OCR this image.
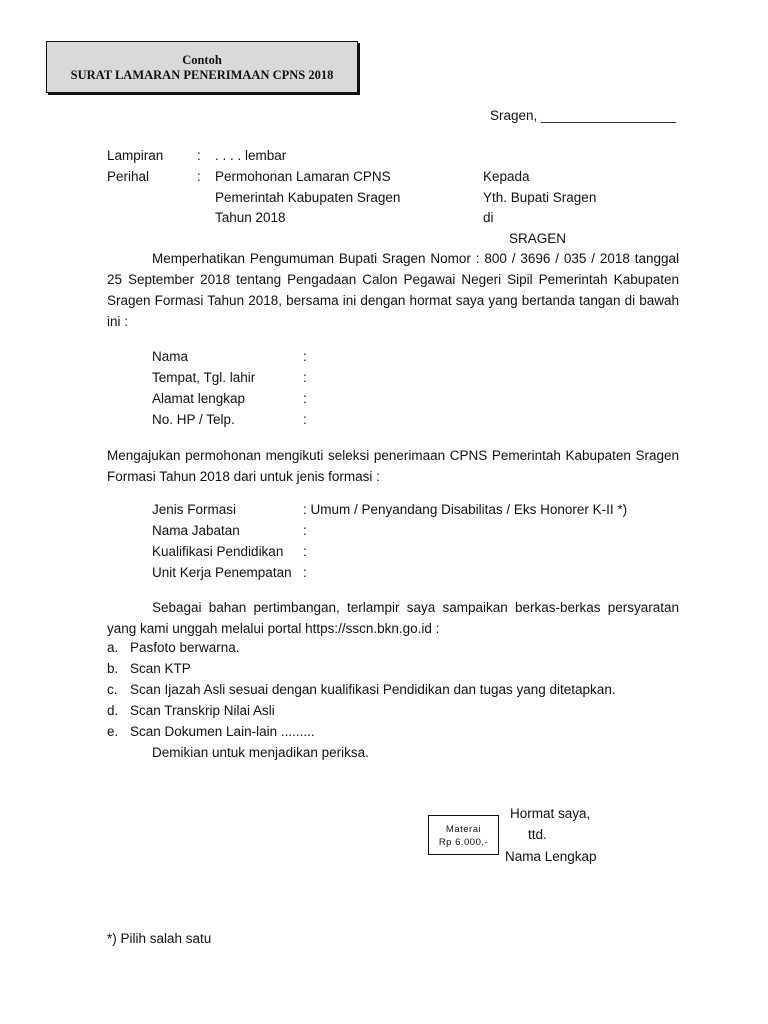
Contoh
SURAT LAMARAN PENERIMAAN CPNS 2018
Sragen, __________________
Lampiran : . . . . lembar
Perihal	: Permohonan Lamaran CPNS
Pemerintah Kabupaten Sragen
Tahun 2018
Kepada
Yth. Bupati Sragen
di
SRAGEN
Memperhatikan Pengumuman Bupati Sragen Nomor : 800 / 3696 / 035 / 2018 tanggal 25 September 2018 tentang Pengadaan Calon Pegawai Negeri Sipil Pemerintah Kabupaten Sragen Formasi Tahun 2018, bersama ini dengan hormat saya yang bertanda tangan di bawah ini :
Nama	:
Tempat, Tgl. lahir	:
Alamat lengkap	:
No. HP / Telp.	:
Mengajukan permohonan mengikuti seleksi penerimaan CPNS Pemerintah Kabupaten Sragen Formasi Tahun 2018 dari untuk jenis formasi :
Jenis Formasi	: Umum / Penyandang Disabilitas / Eks Honorer K-II *)
Nama Jabatan	:
Kualifikasi Pendidikan :
Unit Kerja Penempatan :
Sebagai bahan pertimbangan, terlampir saya sampaikan berkas-berkas persyaratan yang kami unggah melalui portal https://sscn.bkn.go.id :
a. Pasfoto berwarna.
b. Scan KTP
c. Scan Ijazah Asli sesuai dengan kualifikasi Pendidikan dan tugas yang ditetapkan.
d. Scan Transkrip Nilai Asli
e. Scan Dokumen Lain-lain .........
Demikian untuk menjadikan periksa.
Hormat saya,
ttd.
Nama Lengkap
Materai
Rp 6.000,-
*) Pilih salah satu
